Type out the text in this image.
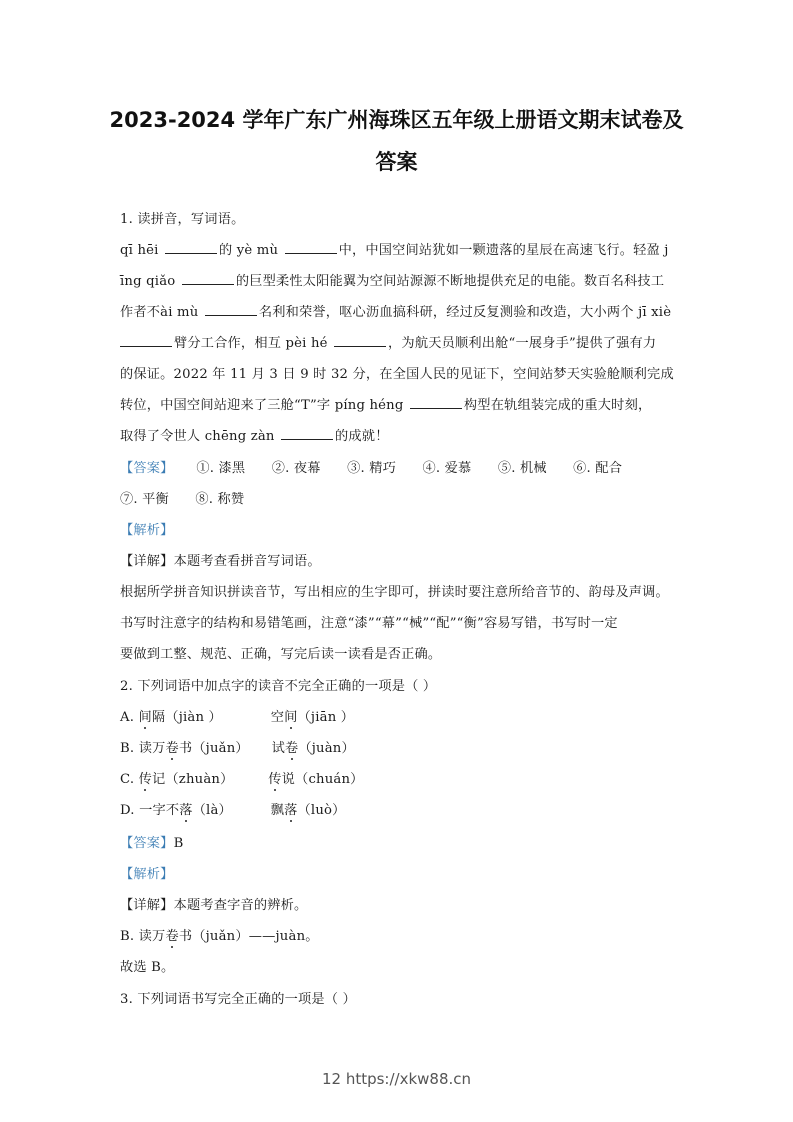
2023-2024 学年广东广州海珠区五年级上册语文期末试卷及
答案
1. 读拼音，写词语。
qī hēi	的 yè mù	中，中国空间站犹如一颗遗落的星辰在高速飞行。轻盈 j
īng qiǎo	的巨型柔性太阳能翼为空间站源源不断地提供充足的电能。数百名科技工
作者不ài mù	名利和荣誉，呕心沥血搞科研，经过反复测验和改造，大小两个 jī xiè
臂分工合作，相互 pèi hé	，为航天员顺利出舱“一展身手”提供了强有力
的保证。2022 年 11 月 3 日 9 时 32 分，在全国人民的见证下，空间站梦天实验舱顺利完成
转位，中国空间站迎来了三舱“T”字 píng héng	构型在轨组装完成的重大时刻，
取得了令世人 chēng zàn	的成就！
【答案】 ①. 漆黑 ②. 夜幕 ③. 精巧 ④. 爱慕 ⑤. 机械 ⑥. 配合
⑦. 平衡 ⑧. 称赞
【解析】
【详解】本题考查看拼音写词语。
根据所学拼音知识拼读音节，写出相应的生字即可，拼读时要注意所给音节的、韵母及声调。
书写时注意字的结构和易错笔画，注意“漆”“幕”“械”“配”“衡”容易写错，书写时一定
要做到工整、规范、正确，写完后读一读看是否正确。
2. 下列词语中加点字的读音不完全正确的一项是（ ）
A. 间隔（jiàn ）	空间（jiān ）
B. 读万卷书（juǎn） 试卷（juàn）
C. 传记（zhuàn）	传说（chuán）
D. 一字不落（là）	飘落（luò）
【答案】B
【解析】
【详解】本题考查字音的辨析。
B. 读万卷书（juǎn）——juàn。
故选 B。
3. 下列词语书写完全正确的一项是（ ）
12 https://xkw88.cn
